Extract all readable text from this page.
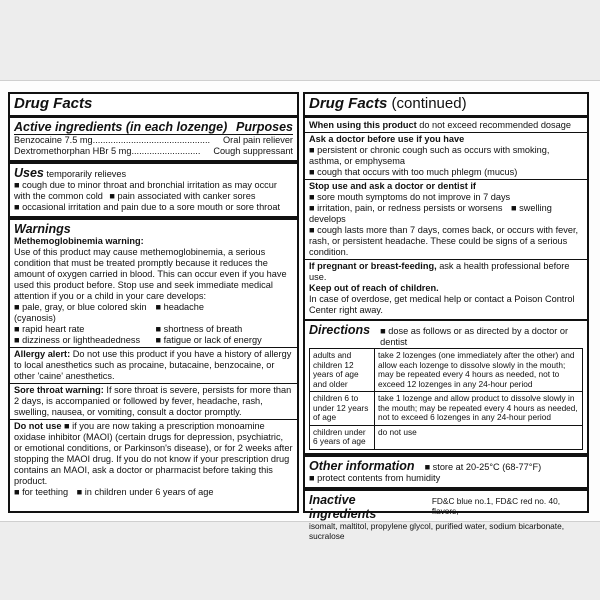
Drug Facts
Active ingredients (in each lozenge) Purposes
Benzocaine 7.5 mg ..............................................	Oral pain reliever
Dextromethorphan HBr 5 mg ...........................	Cough suppressant
Uses temporarily relieves
■ cough due to minor throat and bronchial irritation as may occur
with the common cold ■ pain associated with canker sores
■ occasional irritation and pain due to a sore mouth or sore throat
Warnings
Methemoglobinemia warning:
Use of this product may cause methemoglobinemia, a serious condition that must be treated promptly because it reduces the amount of oxygen carried in blood. This can occur even if you have used this product before. Stop use and seek immediate medical attention if you or a child in your care develops:
■ pale, gray, or blue colored skin (cyanosis)
■ headache
■ rapid heart rate	■ shortness of breath
■ dizziness or lightheadedness	■ fatigue or lack of energy
Allergy alert: Do not use this product if you have a history of allergy to local anesthetics such as procaine, butacaine, benzocaine, or other 'caine' anesthetics.
Sore throat warning: If sore throat is severe, persists for more than 2 days, is accompanied or followed by fever, headache, rash, swelling, nausea, or vomiting, consult a doctor promptly.
Do not use ■ if you are now taking a prescription monoamine oxidase inhibitor (MAOI) (certain drugs for depression, psychiatric, or emotional conditions, or Parkinson's disease), or for 2 weeks after stopping the MAOI drug. If you do not know if your prescription drug contains an MAOI, ask a doctor or pharmacist before taking this product.
■ for teething ■ in children under 6 years of age
Drug Facts (continued)
When using this product do not exceed recommended dosage
Ask a doctor before use if you have
■ persistent or chronic cough such as occurs with smoking, asthma, or emphysema
■ cough that occurs with too much phlegm (mucus)
Stop use and ask a doctor or dentist if
■ sore mouth symptoms do not improve in 7 days
■ irritation, pain, or redness persists or worsens ■ swelling develops
■ cough lasts more than 7 days, comes back, or occurs with fever, rash, or persistent headache. These could be signs of a serious condition.
If pregnant or breast-feeding, ask a health professional before use.
Keep out of reach of children.
In case of overdose, get medical help or contact a Poison Control Center right away.
Directions	■ dose as follows or as directed by a doctor or dentist
adults and children 12 years of age and older	take 2 lozenges (one immediately after the other) and allow each lozenge to dissolve slowly in the mouth; may be repeated every 4 hours as needed, not to exceed 12 lozenges in any 24-hour period
children 6 to under 12 years of age	take 1 lozenge and allow product to dissolve slowly in the mouth; may be repeated every 4 hours as needed, not to exceed 6 lozenges in any 24-hour period
children under 6 years of age	do not use
Other information	■ store at 20-25°C (68-77°F)
■ protect contents from humidity
Inactive ingredients
FD&C blue no.1, FD&C red no. 40, flavors,
isomalt, maltitol, propylene glycol, purified water, sodium bicarbonate, sucralose
